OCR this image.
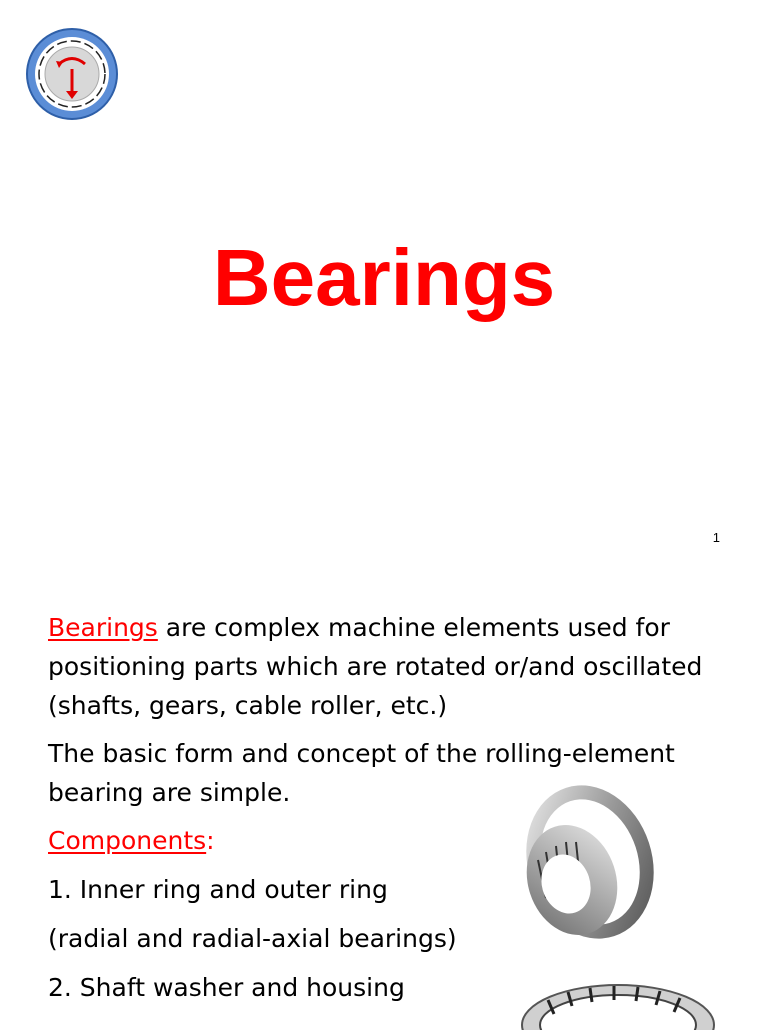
Bearings
1

Bearings are complex machine elements used for positioning parts which are rotated or/and oscillated (shafts, gears, cable roller, etc.)

The basic form and concept of the rolling-element bearing are simple.

Components:

1. Inner ring and outer ring

(radial and radial-axial bearings)

2. Shaft washer and housing
